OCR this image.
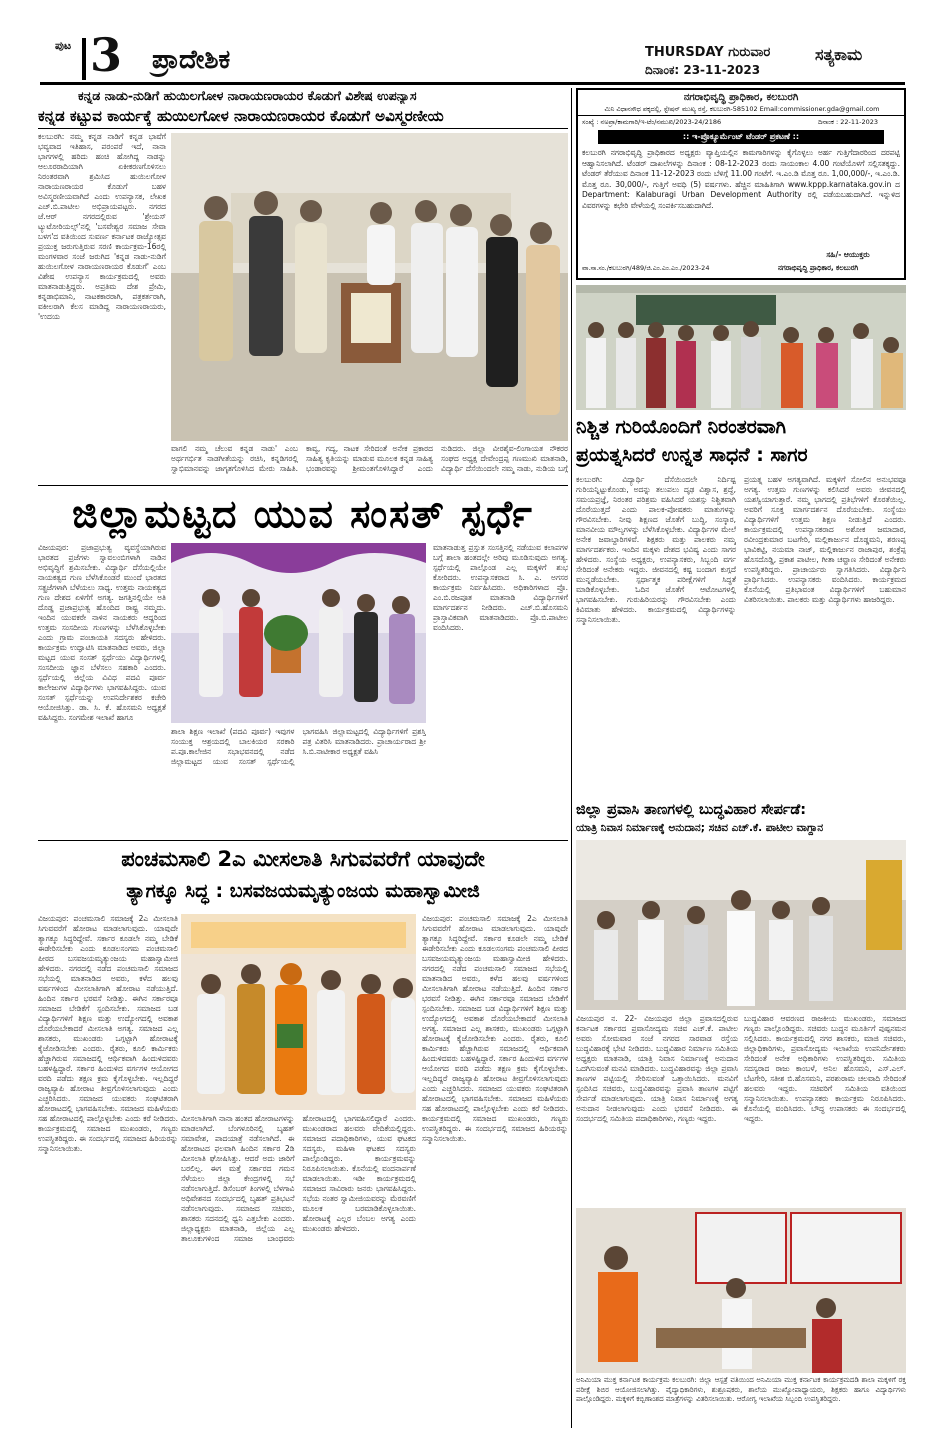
ಪುಟ 3 ಪ್ರಾದೇಶಿಕ	THURSDAY ಗುರುವಾರ
ದಿನಾಂಕ: 23-11-2023
ಸತ್ಯಕಾಮ
ಕನ್ನಡ ನಾಡು-ನುಡಿಗೆ ಹುಯಿಲಗೋಳ ನಾರಾಯಣರಾಯರ ಕೊಡುಗೆ ವಿಶೇಷ ಉಪನ್ಯಾಸ
ಕನ್ನಡ ಕಟ್ಟುವ ಕಾರ್ಯಕ್ಕೆ ಹುಯಿಲಗೋಳ ನಾರಾಯಣರಾಯರ ಕೊಡುಗೆ ಅವಿಸ್ಮರಣೀಯ
ಕಲಬುರಗಿ: ನಮ್ಮ ಕನ್ನಡ ನಾಡಿಗೆ ಕನ್ನಡ ಭಾಷೆಗೆ ಭವ್ಯವಾದ ಇತಿಹಾಸ, ಪರಂಪರೆ ಇದೆ, ನಾನಾ ಭಾಗಗಳಲ್ಲಿ ಹರಿದು ಹಂಚಿ ಹೋಗಿದ್ದ ನಾಡನ್ನು ಆಲೂರರಾದಿಯಾಗಿ ಏಕೀಕರಣಗೊಳಿಸಲು ನಿರಂತರವಾಗಿ ಶ್ರಮಿಸಿದ ಹುಯಿಲಗೋಳ ನಾರಾಯಣರಾಯರ ಕೊಡುಗೆ ಬಹಳ ಅವಿಸ್ಮರಣೀಯವಾಗಿದೆ ಎಂದು ಉಪನ್ಯಾಸಕ, ಲೇಖಕ ಎಚ್.ಬಿ.ಪಾಟೀಲ ಅಭಿಪ್ರಾಯಪಟ್ಟರು. ನಗರದ ಜೆ.ಆರ್ ನಗರದಲ್ಲಿರುವ 'ಶ್ರೇಯಸ್ ಟ್ಯುಟೋರಿಯಲ್ಸ್'ನಲ್ಲಿ 'ಬಸವೇಶ್ವರ ಸಮಾಜ ಸೇವಾ ಬಳಗ'ದ ವತಿಯಿಂದ ಸುವರ್ಣ ಕರ್ನಾಟಕ ರಾಜ್ಯೋತ್ಸವ ಪ್ರಯುಕ್ತ ಜರುಗುತ್ತಿರುವ ಸರಣಿ ಕಾರ್ಯಕ್ರಮ-16ರಲ್ಲಿ ಮಂಗಳವಾರ ಸಂಜೆ ಜರುಗಿದ 'ಕನ್ನಡ ನಾಡು-ನುಡಿಗೆ ಹುಯಿಲಗೋಳ ನಾರಾಯಣರಾಯರ ಕೊಡುಗೆ' ಎಂಬ ವಿಶೇಷ ಉಪನ್ಯಾಸ ಕಾರ್ಯಕ್ರಮದಲ್ಲಿ ಅವರು ಮಾತನಾಡುತ್ತಿದ್ದರು. ಅಪ್ರತಿಮ ದೇಶ ಪ್ರೇಮಿ, ಕನ್ನಡಾಭಿಮಾನಿ, ನಾಟಕಕಾರರಾಗಿ, ಪತ್ರಕರ್ತರಾಗಿ, ವಕೀಲರಾಗಿ ಕೆಲಸ ಮಾಡಿದ್ದ ನಾರಾಯಣರಾಯರು, 'ಉದಯ
ವಾಗಲಿ ನಮ್ಮ ಚೆಲುವ ಕನ್ನಡ ನಾಡು' ಎಂಬ ಅರ್ಥಗರ್ಭಿತ ನಾಡಗೀತೆಯನ್ನು ರಚಿಸಿ, ಕನ್ನಡಿಗರಲ್ಲಿ ಸ್ವಾಭಿಮಾನವನ್ನು ಜಾಗೃತಗೊಳಿಸಿದ ಮೇರು ಸಾಹಿತಿ. ಕಾವ್ಯ, ಗದ್ಯ, ನಾಟಕ ಸೇರಿದಂತೆ ಅನೇಕ ಪ್ರಕಾರದ ಸಾಹಿತ್ಯ ಕೃತಿಯನ್ನು ಮಾಡುವ ಮೂಲಕ ಕನ್ನಡ ಸಾಹಿತ್ಯ ಭಂಡಾರವನ್ನು ಶ್ರೀಮಂತಗೊಳಿಸಿದ್ದಾರೆ ಎಂದು ನುಡಿದರು. ಜಿಲ್ಲಾ ವೀರಶೈವ-ಲಿಂಗಾಯತ ನೌಕರರ ಸಂಘದ ಅಧ್ಯಕ್ಷ ದೇವೇಂದ್ರಪ್ಪ ಗಣಮುಖಿ ಮಾತನಾಡಿ, ವಿದ್ಯಾರ್ಥಿ ದೆಸೆಯಿಂದಲೇ ನಮ್ಮ ನಾಡು, ನುಡಿಯ ಬಗ್ಗೆ
ಜಿಲ್ಲಾಮಟ್ಟದ ಯುವ ಸಂಸತ್ ಸ್ಪರ್ಧೆ
ವಿಜಯಪುರ: ಪ್ರಜಾಪ್ರಭುತ್ವ ವ್ಯವಸ್ಥೆಯಾಗಿರುವ ಭಾರತದ ಪ್ರಜೆಗಳು ಸ್ವಾವಲಂಬಿಗಳಾಗಿ ನಾಡಿನ ಅಭಿವೃದ್ಧಿಗೆ ಶ್ರಮಿಸಬೇಕು. ವಿದ್ಯಾರ್ಥಿ ದೆಸೆಯಲ್ಲಿಯೇ ನಾಯಕತ್ವದ ಗುಣ ಬೆಳೆಸಿಕೊಂಡರೆ ಮುಂದೆ ಭಾರತದ ಸತ್ಪ್ರಜೆಗಳಾಗಿ ಬೆಳೆಯಲು ಸಾಧ್ಯ. ಉತ್ತಮ ನಾಯಕತ್ವದ ಗುಣ ದೇಶದ ಏಳಿಗೆಗೆ ಅಗತ್ಯ. ಜಗತ್ತಿನಲ್ಲಿಯೇ ಅತಿ ದೊಡ್ಡ ಪ್ರಜಾಪ್ರಭುತ್ವ ಹೊಂದಿದ ರಾಷ್ಟ್ರ ನಮ್ಮದು. ಇಂದಿನ ಯುವಕರೇ ನಾಳಿನ ನಾಯಕರು ಆದ್ದರಿಂದ ಉತ್ತಮ ಸಂಸದೀಯ ಗುಣಗಳನ್ನು ಬೆಳೆಸಿಕೊಳ್ಳಬೇಕು ಎಂದು ಗ್ರಾಮ ಪಂಚಾಯತಿ ಸದಸ್ಯರು ಹೇಳಿದರು. ಕಾರ್ಯಕ್ರಮ ಉದ್ಘಾಟಿಸಿ ಮಾತನಾಡಿದ ಅವರು, ಜಿಲ್ಲಾ ಮಟ್ಟದ ಯುವ ಸಂಸತ್ ಸ್ಪರ್ಧೆಯು ವಿದ್ಯಾರ್ಥಿಗಳಲ್ಲಿ ಸಂಸದೀಯ ಜ್ಞಾನ ಬೆಳೆಸಲು ಸಹಕಾರಿ ಎಂದರು. ಸ್ಪರ್ಧೆಯಲ್ಲಿ ಜಿಲ್ಲೆಯ ವಿವಿಧ ಪದವಿ ಪೂರ್ವ ಕಾಲೇಜುಗಳ ವಿದ್ಯಾರ್ಥಿಗಳು ಭಾಗವಹಿಸಿದ್ದರು. ಯುವ ಸಂಸತ್ ಸ್ಪರ್ಧೆಯನ್ನು ಉಪನಿರ್ದೇಶಕರ ಕಚೇರಿ ಆಯೋಜಿಸಿತ್ತು. ಡಾ. ಸಿ. ಕೆ. ಹೊಸಮನಿ ಅಧ್ಯಕ್ಷತೆ ವಹಿಸಿದ್ದರು. ಸಂಗಮೇಶ ಇಲಾಖೆ ಹಾಗೂ
ಶಾಲಾ ಶಿಕ್ಷಣ ಇಲಾಖೆ (ಪದವಿ ಪೂರ್ವ) ಇವುಗಳ ಸಂಯುಕ್ತ ಆಶ್ರಯದಲ್ಲಿ ಬಾಲಕಿಯರ ಸರಕಾರಿ ಪ.ಪೂ.ಕಾಲೇಜಿನ ಸಭಾಭವನದಲ್ಲಿ ನಡೆದ ಜಿಲ್ಲಾಮಟ್ಟದ ಯುವ ಸಂಸತ್ ಸ್ಪರ್ಧೆಯಲ್ಲಿ ಭಾಗವಹಿಸಿ ಜಿಲ್ಲಾಮಟ್ಟದಲ್ಲಿ ವಿದ್ಯಾರ್ಥಿಗಳಿಗೆ ಪ್ರಶಸ್ತಿ ಪತ್ರ ವಿತರಿಸಿ ಮಾತನಾಡಿದರು. ಪ್ರಾಚಾರ್ಯರಾದ ಶ್ರೀ ಸಿ.ಬಿ.ನಾಟೀಕಾರ ಅಧ್ಯಕ್ಷತೆ ವಹಿಸಿ
ಮಾತನಾಡುತ್ತ ಪ್ರಸ್ತುತ ಸಂಸತ್ತಿನಲ್ಲಿ ನಡೆಯುವ ಕಲಾಪಗಳ ಬಗ್ಗೆ ಶಾಲಾ ಹಂತದಲ್ಲೇ ಅರಿವು ಮೂಡಿಸುವುದು ಅಗತ್ಯ. ಸ್ಪರ್ಧೆಯಲ್ಲಿ ಪಾಲ್ಗೊಂಡ ಎಲ್ಲ ಮಕ್ಕಳಿಗೆ ಶುಭ ಕೋರಿದರು. ಉಪನ್ಯಾಸಕರಾದ ಸಿ. ಎ. ಅಗಸರ ಕಾರ್ಯಕ್ರಮ ನಿರ್ವಹಿಸಿದರು. ಅಧಿಕಾರಿಗಳಾದ ಪ್ರೊ. ಎಂ.ಬಿ.ರಜಪೂತ ಮಾತನಾಡಿ ವಿದ್ಯಾರ್ಥಿಗಳಿಗೆ ಮಾರ್ಗದರ್ಶನ ನೀಡಿದರು. ಎಚ್.ಬಿ.ಹೊಸಮನಿ ಪ್ರಾಸ್ತಾವಿಕವಾಗಿ ಮಾತನಾಡಿದರು. ಪ್ರೊ.ಬಿ.ಪಾಟೀಲ ವಂದಿಸಿದರು.
ಪಂಚಮಸಾಲಿ 2ಎ ಮೀಸಲಾತಿ ಸಿಗುವವರೆಗೆ ಯಾವುದೇ
ತ್ಯಾಗಕ್ಕೂ ಸಿದ್ಧ : ಬಸವಜಯಮೃತ್ಯುಂಜಯ ಮಹಾಸ್ವಾಮೀಜಿ
ವಿಜಯಪುರ: ಪಂಚಮಸಾಲಿ ಸಮಾಜಕ್ಕೆ 2ಎ ಮೀಸಲಾತಿ ಸಿಗುವವರೆಗೆ ಹೋರಾಟ ಮಾಡಲಾಗುವುದು. ಯಾವುದೇ ತ್ಯಾಗಕ್ಕೂ ಸಿದ್ಧರಿದ್ದೇವೆ. ಸರ್ಕಾರ ಕೂಡಲೇ ನಮ್ಮ ಬೇಡಿಕೆ ಈಡೇರಿಸಬೇಕು ಎಂದು ಕೂಡಲಸಂಗಮ ಪಂಚಮಸಾಲಿ ಪೀಠದ ಬಸವಜಯಮೃತ್ಯುಂಜಯ ಮಹಾಸ್ವಾಮೀಜಿ ಹೇಳಿದರು. ನಗರದಲ್ಲಿ ನಡೆದ ಪಂಚಮಸಾಲಿ ಸಮಾಜದ ಸಭೆಯಲ್ಲಿ ಮಾತನಾಡಿದ ಅವರು, ಕಳೆದ ಹಲವು ವರ್ಷಗಳಿಂದ ಮೀಸಲಾತಿಗಾಗಿ ಹೋರಾಟ ನಡೆಯುತ್ತಿದೆ. ಹಿಂದಿನ ಸರ್ಕಾರ ಭರವಸೆ ನೀಡಿತ್ತು. ಈಗಿನ ಸರ್ಕಾರವೂ ಸಮಾಜದ ಬೇಡಿಕೆಗೆ ಸ್ಪಂದಿಸಬೇಕು. ಸಮಾಜದ ಬಡ ವಿದ್ಯಾರ್ಥಿಗಳಿಗೆ ಶಿಕ್ಷಣ ಮತ್ತು ಉದ್ಯೋಗದಲ್ಲಿ ಅವಕಾಶ ದೊರೆಯಬೇಕಾದರೆ ಮೀಸಲಾತಿ ಅಗತ್ಯ. ಸಮಾಜದ ಎಲ್ಲ ಶಾಸಕರು, ಮುಖಂಡರು ಒಗ್ಗಟ್ಟಾಗಿ ಹೋರಾಟಕ್ಕೆ ಕೈಜೋಡಿಸಬೇಕು ಎಂದರು. ರೈತರು, ಕೂಲಿ ಕಾರ್ಮಿಕರು ಹೆಚ್ಚಾಗಿರುವ ಸಮಾಜದಲ್ಲಿ ಆರ್ಥಿಕವಾಗಿ ಹಿಂದುಳಿದವರು ಬಹಳಷ್ಟಿದ್ದಾರೆ. ಸರ್ಕಾರ ಹಿಂದುಳಿದ ವರ್ಗಗಳ ಆಯೋಗದ ವರದಿ ಪಡೆದು ತಕ್ಷಣ ಕ್ರಮ ಕೈಗೊಳ್ಳಬೇಕು. ಇಲ್ಲದಿದ್ದರೆ ರಾಜ್ಯವ್ಯಾಪಿ ಹೋರಾಟ ತೀವ್ರಗೊಳಿಸಲಾಗುವುದು ಎಂದು ಎಚ್ಚರಿಸಿದರು. ಸಮಾಜದ ಯುವಕರು ಸಂಘಟಿತರಾಗಿ ಹೋರಾಟದಲ್ಲಿ ಭಾಗವಹಿಸಬೇಕು. ಸಮಾಜದ ಮಹಿಳೆಯರು ಸಹ ಹೋರಾಟದಲ್ಲಿ ಪಾಲ್ಗೊಳ್ಳಬೇಕು ಎಂದು ಕರೆ ನೀಡಿದರು. ಕಾರ್ಯಕ್ರಮದಲ್ಲಿ ಸಮಾಜದ ಮುಖಂಡರು, ಗಣ್ಯರು ಉಪಸ್ಥಿತರಿದ್ದರು. ಈ ಸಂದರ್ಭದಲ್ಲಿ ಸಮಾಜದ ಹಿರಿಯರನ್ನು ಸನ್ಮಾನಿಸಲಾಯಿತು.
ಮೀಸಲಾತಿಗಾಗಿ ನಾನಾ ಹಂತದ ಹೋರಾಟಗಳನ್ನು ಮಾಡಲಾಗಿದೆ. ಬೆಂಗಳೂರಿನಲ್ಲಿ ಬೃಹತ್ ಸಮಾವೇಶ, ಪಾದಯಾತ್ರೆ ನಡೆಸಲಾಗಿದೆ. ಈ ಹೋರಾಟದ ಫಲವಾಗಿ ಹಿಂದಿನ ಸರ್ಕಾರ 2ಡಿ ಮೀಸಲಾತಿ ಘೋಷಿಸಿತ್ತು. ಆದರೆ ಅದು ಜಾರಿಗೆ ಬರಲಿಲ್ಲ. ಈಗ ಮತ್ತೆ ಸರ್ಕಾರದ ಗಮನ ಸೆಳೆಯಲು ಜಿಲ್ಲಾ ಕೇಂದ್ರಗಳಲ್ಲಿ ಸಭೆ ನಡೆಸಲಾಗುತ್ತಿದೆ. ಡಿಸೆಂಬರ್ ತಿಂಗಳಲ್ಲಿ ಬೆಳಗಾವಿ ಅಧಿವೇಶನದ ಸಂದರ್ಭದಲ್ಲಿ ಬೃಹತ್ ಪ್ರತಿಭಟನೆ ನಡೆಸಲಾಗುವುದು. ಸಮಾಜದ ಸಚಿವರು, ಶಾಸಕರು ಸದನದಲ್ಲಿ ಧ್ವನಿ ಎತ್ತಬೇಕು ಎಂದರು. ಜಿಲ್ಲಾಧ್ಯಕ್ಷರು ಮಾತನಾಡಿ, ಜಿಲ್ಲೆಯ ಎಲ್ಲ ತಾಲೂಕುಗಳಿಂದ ಸಮಾಜ ಬಾಂಧವರು ಹೋರಾಟದಲ್ಲಿ ಭಾಗವಹಿಸಲಿದ್ದಾರೆ ಎಂದರು. ಮುಖಂಡರಾದ ಹಲವರು ವೇದಿಕೆಯಲ್ಲಿದ್ದರು. ಸಮಾಜದ ಪದಾಧಿಕಾರಿಗಳು, ಯುವ ಘಟಕದ ಸದಸ್ಯರು, ಮಹಿಳಾ ಘಟಕದ ಸದಸ್ಯರು ಪಾಲ್ಗೊಂಡಿದ್ದರು. ಕಾರ್ಯಕ್ರಮವನ್ನು ನಿರೂಪಿಸಲಾಯಿತು. ಕೊನೆಯಲ್ಲಿ ವಂದನಾರ್ಪಣೆ ಮಾಡಲಾಯಿತು. ಇಡೀ ಕಾರ್ಯಕ್ರಮದಲ್ಲಿ ಸಮಾಜದ ಸಾವಿರಾರು ಜನರು ಭಾಗವಹಿಸಿದ್ದರು. ಸಭೆಯ ನಂತರ ಸ್ವಾಮೀಜಿಯವರನ್ನು ಮೆರವಣಿಗೆ ಮೂಲಕ ಬರಮಾಡಿಕೊಳ್ಳಲಾಯಿತು. ಹೋರಾಟಕ್ಕೆ ಎಲ್ಲರ ಬೆಂಬಲ ಅಗತ್ಯ ಎಂದು ಮುಖಂಡರು ಹೇಳಿದರು.
ವಿಜಯಪುರ: ಪಂಚಮಸಾಲಿ ಸಮಾಜಕ್ಕೆ 2ಎ ಮೀಸಲಾತಿ ಸಿಗುವವರೆಗೆ ಹೋರಾಟ ಮಾಡಲಾಗುವುದು. ಯಾವುದೇ ತ್ಯಾಗಕ್ಕೂ ಸಿದ್ಧರಿದ್ದೇವೆ. ಸರ್ಕಾರ ಕೂಡಲೇ ನಮ್ಮ ಬೇಡಿಕೆ ಈಡೇರಿಸಬೇಕು ಎಂದು ಕೂಡಲಸಂಗಮ ಪಂಚಮಸಾಲಿ ಪೀಠದ ಬಸವಜಯಮೃತ್ಯುಂಜಯ ಮಹಾಸ್ವಾಮೀಜಿ ಹೇಳಿದರು. ನಗರದಲ್ಲಿ ನಡೆದ ಪಂಚಮಸಾಲಿ ಸಮಾಜದ ಸಭೆಯಲ್ಲಿ ಮಾತನಾಡಿದ ಅವರು, ಕಳೆದ ಹಲವು ವರ್ಷಗಳಿಂದ ಮೀಸಲಾತಿಗಾಗಿ ಹೋರಾಟ ನಡೆಯುತ್ತಿದೆ. ಹಿಂದಿನ ಸರ್ಕಾರ ಭರವಸೆ ನೀಡಿತ್ತು. ಈಗಿನ ಸರ್ಕಾರವೂ ಸಮಾಜದ ಬೇಡಿಕೆಗೆ ಸ್ಪಂದಿಸಬೇಕು. ಸಮಾಜದ ಬಡ ವಿದ್ಯಾರ್ಥಿಗಳಿಗೆ ಶಿಕ್ಷಣ ಮತ್ತು ಉದ್ಯೋಗದಲ್ಲಿ ಅವಕಾಶ ದೊರೆಯಬೇಕಾದರೆ ಮೀಸಲಾತಿ ಅಗತ್ಯ. ಸಮಾಜದ ಎಲ್ಲ ಶಾಸಕರು, ಮುಖಂಡರು ಒಗ್ಗಟ್ಟಾಗಿ ಹೋರಾಟಕ್ಕೆ ಕೈಜೋಡಿಸಬೇಕು ಎಂದರು. ರೈತರು, ಕೂಲಿ ಕಾರ್ಮಿಕರು ಹೆಚ್ಚಾಗಿರುವ ಸಮಾಜದಲ್ಲಿ ಆರ್ಥಿಕವಾಗಿ ಹಿಂದುಳಿದವರು ಬಹಳಷ್ಟಿದ್ದಾರೆ. ಸರ್ಕಾರ ಹಿಂದುಳಿದ ವರ್ಗಗಳ ಆಯೋಗದ ವರದಿ ಪಡೆದು ತಕ್ಷಣ ಕ್ರಮ ಕೈಗೊಳ್ಳಬೇಕು. ಇಲ್ಲದಿದ್ದರೆ ರಾಜ್ಯವ್ಯಾಪಿ ಹೋರಾಟ ತೀವ್ರಗೊಳಿಸಲಾಗುವುದು ಎಂದು ಎಚ್ಚರಿಸಿದರು. ಸಮಾಜದ ಯುವಕರು ಸಂಘಟಿತರಾಗಿ ಹೋರಾಟದಲ್ಲಿ ಭಾಗವಹಿಸಬೇಕು. ಸಮಾಜದ ಮಹಿಳೆಯರು ಸಹ ಹೋರಾಟದಲ್ಲಿ ಪಾಲ್ಗೊಳ್ಳಬೇಕು ಎಂದು ಕರೆ ನೀಡಿದರು. ಕಾರ್ಯಕ್ರಮದಲ್ಲಿ ಸಮಾಜದ ಮುಖಂಡರು, ಗಣ್ಯರು ಉಪಸ್ಥಿತರಿದ್ದರು. ಈ ಸಂದರ್ಭದಲ್ಲಿ ಸಮಾಜದ ಹಿರಿಯರನ್ನು ಸನ್ಮಾನಿಸಲಾಯಿತು.
ನಗರಾಭಿವೃದ್ಧಿ ಪ್ರಾಧಿಕಾರ, ಕಲಬುರಗಿ
ಮಿನಿ ವಿಧಾನಸೌಧ ಪಕ್ಕದಲ್ಲಿ, ಸ್ಟೇಷನ್ ಮುಖ್ಯ ರಸ್ತೆ, ಕಲಬುರಗಿ-585102 Email:commissioner.gda@gmail.com
ಸಂಖ್ಯೆ : ನಅಪ್ರಾ/ಕಾಮಗಾರಿ/ಇ-ಟೆಂ/ನಮುಖಿ/2023-24/2186	ದಿನಾಂಕ : 22-11-2023
:: ಇ-ಪ್ರೊಕ್ಯೂರ್ಮೆಂಟ್ ಟೆಂಡರ್ ಪ್ರಕಟಣೆ ::
ಕಲಬುರಗಿ ನಗರಾಭಿವೃದ್ಧಿ ಪ್ರಾಧಿಕಾರದ ಅಧ್ಯಕ್ಷರು ವ್ಯಾಪ್ತಿಯಲ್ಲಿನ ಕಾಮಗಾರಿಗಳನ್ನು ಕೈಗೊಳ್ಳಲು ಅರ್ಹ ಗುತ್ತಿಗೆದಾರರಿಂದ ದರಪಟ್ಟಿ ಆಹ್ವಾನಿಸಲಾಗಿದೆ. ಟೆಂಡರ್ ದಾಖಲೆಗಳನ್ನು ದಿನಾಂಕ : 08-12-2023 ರಂದು ಸಾಯಂಕಾಲ 4.00 ಗಂಟೆಯೊಳಗೆ ಸಲ್ಲಿಸತಕ್ಕದ್ದು. ಟೆಂಡರ್ ತೆರೆಯುವ ದಿನಾಂಕ 11-12-2023 ರಂದು ಬೆಳಿಗ್ಗೆ 11.00 ಗಂಟೆಗೆ. ಇ.ಎಂ.ಡಿ ಮೊತ್ತ ರೂ. 1,00,000/-, ಇ.ಎಂ.ಡಿ. ಮೊತ್ತ ರೂ. 30,000/-, ಗುತ್ತಿಗೆ ಅವಧಿ (5) ವರ್ಷಗಳು. ಹೆಚ್ಚಿನ ಮಾಹಿತಿಗಾಗಿ www.kppp.karnataka.gov.in ದ Department: Kalaburagi Urban Development Authority ರಲ್ಲಿ ಪಡೆಯಬಹುದಾಗಿದೆ. ಇನ್ನುಳಿದ ವಿವರಗಳನ್ನು ಕಛೇರಿ ವೇಳೆಯಲ್ಲಿ ಸಂಪರ್ಕಿಸಬಹುದಾಗಿದೆ.
ಸಹಿ/- ಆಯುಕ್ತರು
ವಾ.ಸಾ.ಸಂ./ಕಲಬುರಗಿ/489/ಜಿ.ಎಂ.ಎಂ.ಎಂ./2023-24	ನಗರಾಭಿವೃದ್ಧಿ ಪ್ರಾಧಿಕಾರ, ಕಲಬುರಗಿ
ನಿಶ್ಚಿತ ಗುರಿಯೊಂದಿಗೆ ನಿರಂತರವಾಗಿ
ಪ್ರಯತ್ನಸಿದರೆ ಉನ್ನತ ಸಾಧನೆ : ಸಾಗರ
ಕಲಬುರಗಿ: ವಿದ್ಯಾರ್ಥಿ ದೆಸೆಯಿಂದಲೇ ನಿರ್ದಿಷ್ಟ ಗುರಿಯನ್ನಿಟ್ಟುಕೊಂಡು, ಅದನ್ನು ತಲುಪಲು ದೃಢ ವಿಶ್ವಾಸ, ಶ್ರದ್ಧೆ, ಸಮಯಪ್ರಜ್ಞೆ, ನಿರಂತರ ಪರಿಶ್ರಮ ವಹಿಸಿದರೆ ಯಶಸ್ಸು ನಿಶ್ಚಿತವಾಗಿ ದೊರೆಯುತ್ತದೆ ಎಂದು ಪಾಲಕ-ಪೋಷಕರು ಮಾತುಗಳನ್ನು ಗೌರವಿಸಬೇಕು. ನೀವು ಶಿಕ್ಷಣದ ಜೊತೆಗೆ ಬುದ್ಧಿ, ಸಂಸ್ಕಾರ, ಮಾನವೀಯ ಮೌಲ್ಯಗಳನ್ನು ಬೆಳೆಸಿಕೊಳ್ಳಬೇಕು. ವಿದ್ಯಾರ್ಥಿಗಳ ಮೇಲೆ ಅನೇಕ ಜವಾಬ್ದಾರಿಗಳಿವೆ. ಶಿಕ್ಷಕರು ಮತ್ತು ಪಾಲಕರು ನಮ್ಮ ಮಾರ್ಗದರ್ಶಕರು. ಇಂದಿನ ಮಕ್ಕಳು ದೇಶದ ಭವಿಷ್ಯ ಎಂದು ಸಾಗರ ಹೇಳಿದರು. ಸಂಸ್ಥೆಯ ಅಧ್ಯಕ್ಷರು, ಉಪನ್ಯಾಸಕರು, ಸಿಬ್ಬಂದಿ ವರ್ಗ ಸೇರಿದಂತೆ ಅನೇಕರು ಇದ್ದರು. ಜೀವನದಲ್ಲಿ ಕಷ್ಟ ಬಂದಾಗ ಕುಗ್ಗದೆ ಮುನ್ನಡೆಯಬೇಕು. ಸ್ಪರ್ಧಾತ್ಮಕ ಪರೀಕ್ಷೆಗಳಿಗೆ ಸಿದ್ಧತೆ ಮಾಡಿಕೊಳ್ಳಬೇಕು. ಓದಿನ ಜೊತೆಗೆ ಆಟೋಟಗಳಲ್ಲಿ ಭಾಗವಹಿಸಬೇಕು. ಗುರುಹಿರಿಯರನ್ನು ಗೌರವಿಸಬೇಕು ಎಂದು ಕಿವಿಮಾತು ಹೇಳಿದರು. ಕಾರ್ಯಕ್ರಮದಲ್ಲಿ ವಿದ್ಯಾರ್ಥಿಗಳನ್ನು ಸನ್ಮಾನಿಸಲಾಯಿತು.
ಪ್ರಯತ್ನ ಬಹಳ ಅಗತ್ಯವಾಗಿದೆ. ಮಕ್ಕಳಿಗೆ ಸೋಲಿನ ಅನುಭವವೂ ಅಗತ್ಯ. ಉತ್ತಮ ಗುಣಗಳನ್ನು ಕಲಿಸಿದರೆ ಅವರು ಜೀವನದಲ್ಲಿ ಯಶಸ್ವಿಯಾಗುತ್ತಾರೆ. ನಮ್ಮ ಭಾಗದಲ್ಲಿ ಪ್ರತಿಭೆಗಳಿಗೆ ಕೊರತೆಯಿಲ್ಲ. ಅವರಿಗೆ ಸೂಕ್ತ ಮಾರ್ಗದರ್ಶನ ದೊರೆಯಬೇಕು. ಸಂಸ್ಥೆಯು ವಿದ್ಯಾರ್ಥಿಗಳಿಗೆ ಉತ್ತಮ ಶಿಕ್ಷಣ ನೀಡುತ್ತಿದೆ ಎಂದರು. ಕಾರ್ಯಕ್ರಮದಲ್ಲಿ ಉಪನ್ಯಾಸಕರಾದ ಅಶೋಕ ಜಮಾದಾರ, ರವೀಂದ್ರಕುಮಾರ ಬಟಗೇರಿ, ಮಲ್ಲಿಕಾರ್ಜುನ ದೊಡ್ಡಮನಿ, ಶರಣಪ್ಪ ಭಾವಿಕಟ್ಟಿ, ನಯಮಾ ನಾಜ್, ಮಲ್ಲಿಕಾರ್ಜುನ ರಾಜಾಪುರ, ಶಂಕ್ರೆಪ್ಪ ಹೊಸದೊಡ್ಡಿ, ಪ್ರಕಾಶ ಪಾಟೀಲ, ಗೀತಾ ಚವ್ಹಾಣ ಸೇರಿದಂತೆ ಅನೇಕರು ಉಪಸ್ಥಿತರಿದ್ದರು. ಪ್ರಾಚಾರ್ಯರು ಸ್ವಾಗತಿಸಿದರು. ವಿದ್ಯಾರ್ಥಿನಿ ಪ್ರಾರ್ಥಿಸಿದರು. ಉಪನ್ಯಾಸಕರು ವಂದಿಸಿದರು. ಕಾರ್ಯಕ್ರಮದ ಕೊನೆಯಲ್ಲಿ ಪ್ರತಿಭಾವಂತ ವಿದ್ಯಾರ್ಥಿಗಳಿಗೆ ಬಹುಮಾನ ವಿತರಿಸಲಾಯಿತು. ಪಾಲಕರು ಮತ್ತು ವಿದ್ಯಾರ್ಥಿಗಳು ಹಾಜರಿದ್ದರು.
ಜಿಲ್ಲಾ ಪ್ರವಾಸಿ ತಾಣಗಳಲ್ಲಿ ಬುದ್ಧವಿಹಾರ ಸೇರ್ಪಡೆ:
ಯಾತ್ರಿ ನಿವಾಸ ನಿರ್ಮಾಣಕ್ಕೆ ಅನುದಾನ; ಸಚಿವ ಎಚ್.ಕೆ. ಪಾಟೀಲ ವಾಗ್ದಾನ
ವಿಜಯಪುರ ನ. 22- ವಿಜಯಪುರ ಜಿಲ್ಲಾ ಪ್ರವಾಸದಲ್ಲಿರುವ ಕರ್ನಾಟಕ ಸರ್ಕಾರದ ಪ್ರವಾಸೋದ್ಯಮ ಸಚಿವ ಎಚ್.ಕೆ. ಪಾಟೀಲ ಅವರು ಸೋಮವಾರ ಸಂಜೆ ನಗರದ ಸಾರವಾಡ ರಸ್ತೆಯ ಬುದ್ಧವಿಹಾರಕ್ಕೆ ಭೇಟಿ ನೀಡಿದರು. ಬುದ್ಧವಿಹಾರ ನಿರ್ಮಾಣ ಸಮಿತಿಯ ಅಧ್ಯಕ್ಷರು ಮಾತನಾಡಿ, ಯಾತ್ರಿ ನಿವಾಸ ನಿರ್ಮಾಣಕ್ಕೆ ಅನುದಾನ ಒದಗಿಸುವಂತೆ ಮನವಿ ಮಾಡಿದರು. ಬುದ್ಧವಿಹಾರವನ್ನು ಜಿಲ್ಲಾ ಪ್ರವಾಸಿ ತಾಣಗಳ ಪಟ್ಟಿಯಲ್ಲಿ ಸೇರಿಸುವಂತೆ ಒತ್ತಾಯಿಸಿದರು. ಮನವಿಗೆ ಸ್ಪಂದಿಸಿದ ಸಚಿವರು, ಬುದ್ಧವಿಹಾರವನ್ನು ಪ್ರವಾಸಿ ತಾಣಗಳ ಪಟ್ಟಿಗೆ ಸೇರ್ಪಡೆ ಮಾಡಲಾಗುವುದು. ಯಾತ್ರಿ ನಿವಾಸ ನಿರ್ಮಾಣಕ್ಕೆ ಅಗತ್ಯ ಅನುದಾನ ನೀಡಲಾಗುವುದು ಎಂದು ಭರವಸೆ ನೀಡಿದರು. ಈ ಸಂದರ್ಭದಲ್ಲಿ ಸಮಿತಿಯ ಪದಾಧಿಕಾರಿಗಳು, ಗಣ್ಯರು ಇದ್ದರು.
ಬುದ್ಧವಿಹಾರ ಆವರಣದ ರಾಜಕೀಯ ಮುಖಂಡರು, ಸಮಾಜದ ಗಣ್ಯರು ಪಾಲ್ಗೊಂಡಿದ್ದರು. ಸಚಿವರು ಬುದ್ಧನ ಮೂರ್ತಿಗೆ ಪುಷ್ಪನಮನ ಸಲ್ಲಿಸಿದರು. ಕಾರ್ಯಕ್ರಮದಲ್ಲಿ ನಗರ ಶಾಸಕರು, ಮಾಜಿ ಸಚಿವರು, ಜಿಲ್ಲಾಧಿಕಾರಿಗಳು, ಪ್ರವಾಸೋದ್ಯಮ ಇಲಾಖೆಯ ಉಪನಿರ್ದೇಶಕರು ಸೇರಿದಂತೆ ಅನೇಕ ಅಧಿಕಾರಿಗಳು ಉಪಸ್ಥಿತರಿದ್ದರು. ಸಮಿತಿಯ ಸದಸ್ಯರಾದ ರಾಜು ಕಾಂಬಳೆ, ಅನಿಲ ಹೊಸಮನಿ, ಎಸ್.ಎಲ್. ಬೆಟಗೇರಿ, ಸತೀಶ ಬಿ.ಹೊಸಮನಿ, ಪರಶುರಾಮ ಚಲವಾದಿ ಸೇರಿದಂತೆ ಹಲವರು ಇದ್ದರು. ಸಚಿವರಿಗೆ ಸಮಿತಿಯ ವತಿಯಿಂದ ಸನ್ಮಾನಿಸಲಾಯಿತು. ಉಪನ್ಯಾಸಕರು ಕಾರ್ಯಕ್ರಮ ನಿರೂಪಿಸಿದರು. ಕೊನೆಯಲ್ಲಿ ವಂದಿಸಿದರು. ಬೌದ್ಧ ಉಪಾಸಕರು ಈ ಸಂದರ್ಭದಲ್ಲಿ ಇದ್ದರು.
ಅನಿಮಿಯಾ ಮುಕ್ತ ಕರ್ನಾಟಕ ಕಾರ್ಯಕ್ರಮ ಕಲಬುರಗಿ: ಜಿಲ್ಲಾ ಆಸ್ಪತ್ರೆ ವತಿಯಿಂದ ಅನಿಮಿಯಾ ಮುಕ್ತ ಕರ್ನಾಟಕ ಕಾರ್ಯಕ್ರಮದಡಿ ಶಾಲಾ ಮಕ್ಕಳಿಗೆ ರಕ್ತ ಪರೀಕ್ಷೆ ಶಿಬಿರ ಆಯೋಜಿಸಲಾಗಿತ್ತು. ವೈದ್ಯಾಧಿಕಾರಿಗಳು, ಶುಶ್ರೂಷಕರು, ಶಾಲೆಯ ಮುಖ್ಯೋಪಾಧ್ಯಾಯರು, ಶಿಕ್ಷಕರು ಹಾಗೂ ವಿದ್ಯಾರ್ಥಿಗಳು ಪಾಲ್ಗೊಂಡಿದ್ದರು. ಮಕ್ಕಳಿಗೆ ಕಬ್ಬಿಣಾಂಶದ ಮಾತ್ರೆಗಳನ್ನು ವಿತರಿಸಲಾಯಿತು. ಆರೋಗ್ಯ ಇಲಾಖೆಯ ಸಿಬ್ಬಂದಿ ಉಪಸ್ಥಿತರಿದ್ದರು.
